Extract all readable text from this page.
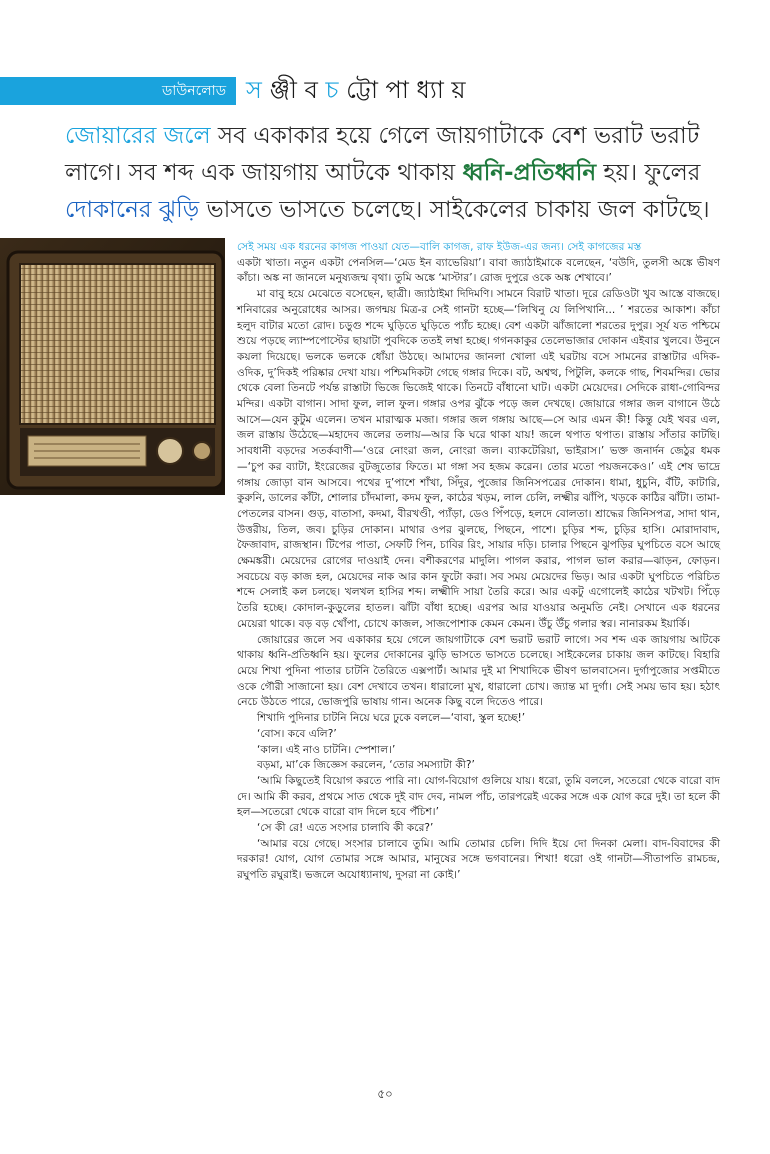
ডাউনলোড স ঞ্জী ব চ ট্টো পা ধ্যা য়
জোয়ারের জলে সব একাকার হয়ে গেলে জায়গাটাকে বেশ ভরাট ভরাট লাগে। সব শব্দ এক জায়গায় আটকে থাকায় ধ্বনি-প্রতিধ্বনি হয়। ফুলের দোকানের ঝুড়ি ভাসতে ভাসতে চলেছে। সাইকেলের চাকায় জল কাটছে।

সেই সময় এক ধরনের কাগজ পাওয়া যেত—বালি কাগজ, রাফ ইউজ-এর জন্য। সেই কাগজের মস্ত

একটা খাতা। নতুন একটা পেনসিল—‘মেড ইন ব্যাভেরিয়া’। বাবা জ্যাঠাইমাকে বলেছেন, ‘বউদি, তুলসী অঙ্কে ভীষণ কাঁচা। অঙ্ক না জানলে মনুষ্যজন্ম বৃথা। তুমি অঙ্কে ‘মাস্টার’। রোজ দুপুরে ওকে অঙ্ক শেখাবে।’

মা বাবু হয়ে মেঝেতে বসেছেন, ছাত্রী। জ্যাঠাইমা দিদিমণি। সামনে বিরাট খাতা। দূরে রেডিওটা খুব আস্তে বাজছে। শনিবারের অনুরোধের আসর। জগন্ময় মিত্র-র সেই গানটা হচ্ছে—‘লিখিনু যে লিপিখানি... ’ শরতের আকাশ। কাঁচা হলুদ বাটার মতো রোদ। চড়ুগু শব্দে ঘুড়িতে ঘুড়িতে প্যাঁচ হচ্ছে। বেশ একটা ঝাঁজালো শরতের দুপুর। সূর্য যত পশ্চিমে শুয়ে পড়ছে ল্যাম্পপোস্টের ছায়াটা পুবদিকে ততই লম্বা হচ্ছে। গগনকাকুর তেলেভাজার দোকান এইবার খুলবে। উনুনে কয়লা দিয়েছে। ভলকে ভলকে ধোঁয়া উঠছে। আমাদের জানলা খোলা এই ঘরটায় বসে সামনের রাস্তাটার এদিক-ওদিক, দু’দিকই পরিষ্কার দেখা যায়। পশ্চিমদিকটা গেছে গঙ্গার দিকে। বট, অশ্বত্থ, পিটুলি, কলকে গাছ, শিবমন্দির। ভোর থেকে বেলা তিনটে পর্যন্ত রাস্তাটা ভিজে ভিজেই থাকে। তিনটে বাঁধানো ঘাট। একটা মেয়েদের। সেদিকে রাধা-গোবিন্দর মন্দির। একটা বাগান। সাদা ফুল, লাল ফুল। গঙ্গার ওপর ঝুঁকে পড়ে জল দেখছে। জোয়ারে গঙ্গার জল বাগানে উঠে আসে—যেন কুটুম এলেন। তখন মারাত্মক মজা। গঙ্গার জল গঙ্গায় আছে—সে আর এমন কী! কিন্তু যেই খবর এল, জল রাস্তায় উঠেছে—মহাদেব জলের তলায়—আর কি ঘরে থাকা যায়! জলে থপাত থপাত। রাস্তায় সাঁতার কাটছি। সাবধানী বড়দের সতর্কবাণী—‘ওরে নোংরা জল, নোংরা জল। ব্যাকটেরিয়া, ভাইরাস।’ ভক্ত জনার্দন জেঠুর ধমক—‘চুপ কর ব্যাটা, ইংরেজের বুটজুতোর ফিতে। মা গঙ্গা সব হজম করেন। তোর মতো পয়জনকেও।’ এই শেষ ভাদ্রে গঙ্গায় জোড়া বান আসবে। পথের দু’পাশে শাঁখা, সিঁদুর, পুজোর জিনিসপত্রের দোকান। ধামা, ধুচুনি, বঁটি, কাটারি, কুরুনি, ডালের কাঁটা, শোলার চাঁদমালা, কদম ফুল, কাঠের খড়ম, লাল চেলি, লক্ষ্মীর ঝাঁপি, খড়কে কাঠির ঝাঁটা। তামা-পেতলের বাসন। গুড়, বাতাসা, কদমা, বীরখণ্ডী, প্যাঁড়া, ডেও পিঁপড়ে, হলদে বোলতা। শ্রাদ্ধের জিনিসপত্র, সাদা থান, উত্তরীয়, তিল, জব। চুড়ির দোকান। মাথার ওপর ঝুলছে, পিছনে, পাশে। চুড়ির শব্দ, চুড়ির হাসি। মোরাদাবাদ, ফৈজাবাদ, রাজস্থান। টিপের পাতা, সেফটি পিন, চাবির রিং, সায়ার দড়ি। চালার পিছনে ঝুপড়ির ঘুপচিতে বসে আছে ক্ষেমঙ্করী। মেয়েদের রোগের দাওয়াই দেন। বশীকরণের মাদুলি। পাগল করার, পাগল ভাল করার—ঝাড়ন, ফোড়ন। সবচেয়ে বড় কাজ হল, মেয়েদের নাক আর কান ফুটো করা। সব সময় মেয়েদের ভিড়। আর একটা ঘুপচিতে পরিচিত শব্দে সেলাই কল চলছে। খলখল হাসির শব্দ। লক্ষ্মীদি সায়া তৈরি করে। আর একটু এগোলেই কাঠের খটখট। পিঁড়ে তৈরি হচ্ছে। কোদাল-কুড়ুলের হাতল। ঝাঁটা বাঁধা হচ্ছে। এরপর আর যাওয়ার অনুমতি নেই। সেখানে এক ধরনের মেয়েরা থাকে। বড় বড় খোঁপা, চোখে কাজল, সাজপোশাক কেমন কেমন। উঁচু উঁচু গলার স্বর। নানারকম ইয়ার্কি।

জোয়ারের জলে সব একাকার হয়ে গেলে জায়গাটাকে বেশ ভরাট ভরাট লাগে। সব শব্দ এক জায়গায় আটকে থাকায় ধ্বনি-প্রতিধ্বনি হয়। ফুলের দোকানের ঝুড়ি ভাসতে ভাসতে চলেছে। সাইকেলের চাকায় জল কাটছে। বিহারি মেয়ে শিখা পুদিনা পাতার চাটনি তৈরিতে এক্সপার্ট। আমার দুই মা শিখাদিকে ভীষণ ভালবাসেন। দুর্গাপুজোর সপ্তমীতে ওকে গৌরী সাজানো হয়। বেশ দেখাবে তখন। ধারালো মুখ, ধারালো চোখ। জ্যান্ত মা দুর্গা। সেই সময় ভাব হয়। হঠাৎ নেচে উঠতে পারে, ভোজপুরি ভাষায় গান। অনেক কিছু বলে দিতেও পারে।

শিখাদি পুদিনার চাটনি নিয়ে ঘরে ঢুকে বললে—‘বাবা, স্কুল হচ্ছে!’

‘বোস। কবে এলি?’

‘কাল। এই নাও চাটনি। স্পেশাল।’

বড়মা, মা’কে জিজ্ঞেস করলেন, ‘তোর সমস্যাটা কী?’

‘আমি কিছুতেই বিয়োগ করতে পারি না। যোগ-বিয়োগ গুলিয়ে যায়। ধরো, তুমি বললে, সতেরো থেকে বারো বাদ দে। আমি কী করব, প্রথমে সাত থেকে দুই বাদ দেব, নামল পাঁচ, তারপরেই একের সঙ্গে এক যোগ করে দুই। তা হলে কী হল—সতেরো থেকে বারো বাদ দিলে হবে পঁচিশ।’

‘সে কী রে! এতে সংসার চালাবি কী করে?’

‘আমার বয়ে গেছে। সংসার চালাবে তুমি। আমি তোমার চেলি। দিদি ইয়ে দো দিনকা মেলা। বাদ-বিবাদের কী দরকার! যোগ, যোগ তোমার সঙ্গে আমার, মানুষের সঙ্গে ভগবানের। শিখা! ধরো ওই গানটা—সীতাপতি রামচন্দ্র, রঘুপতি রঘুরাই। ভজলে অযোধ্যানাথ, দুসরা না কোই।’

৫০
